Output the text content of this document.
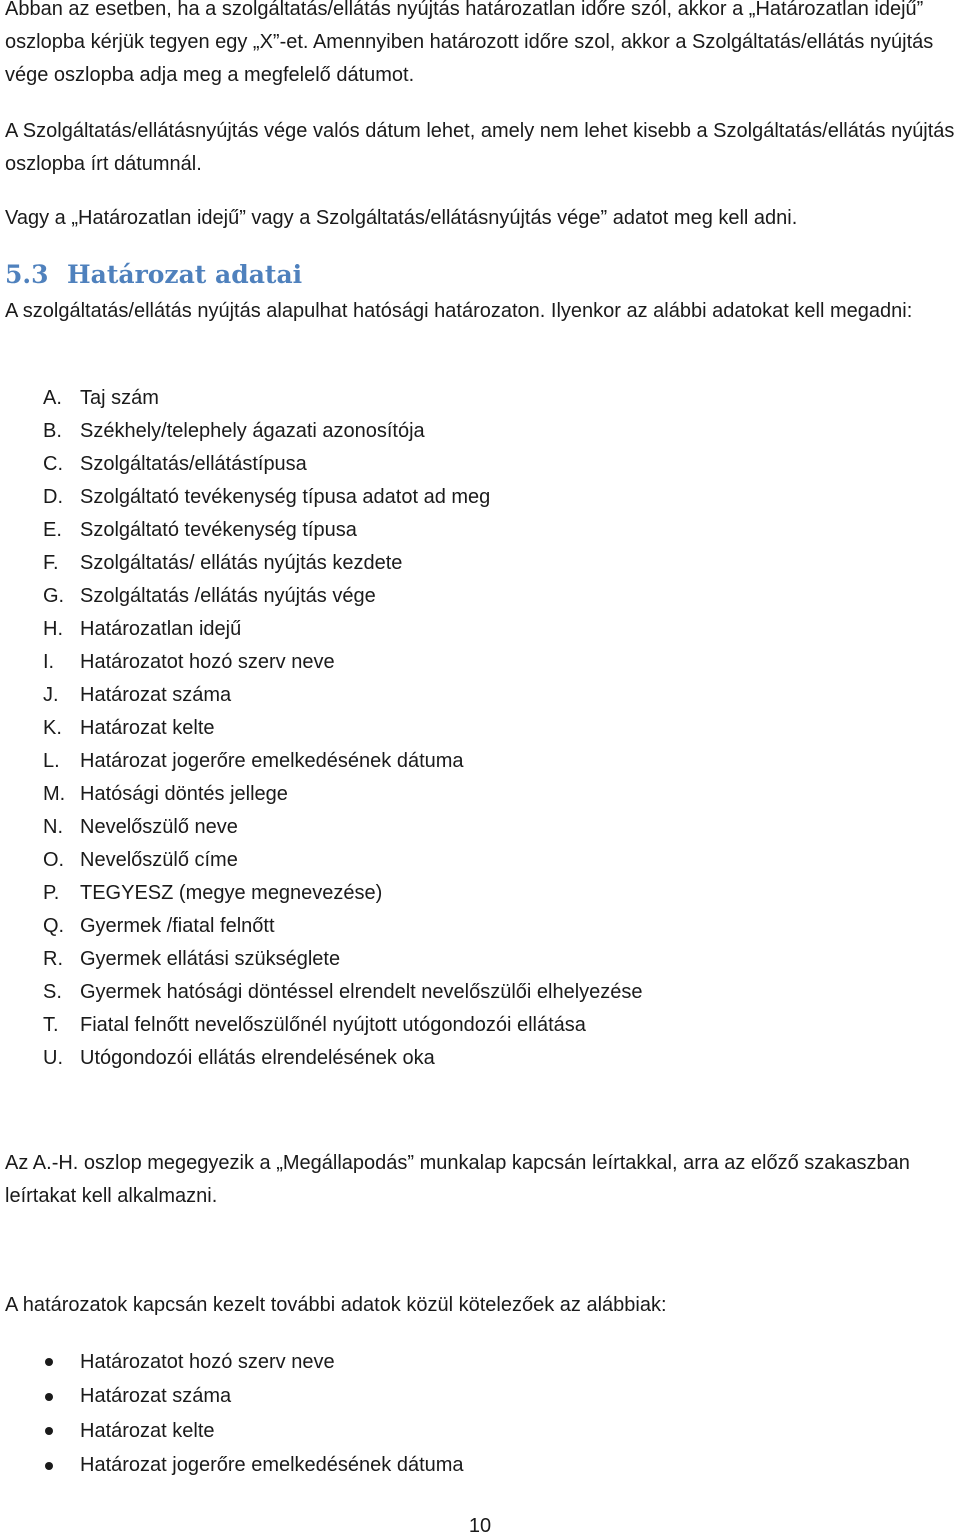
Abban az esetben, ha a szolgáltatás/ellátás nyújtás határozatlan időre szól, akkor a „Határozatlan idejű” oszlopba kérjük tegyen egy „X”-et. Amennyiben határozott időre szol, akkor a Szolgáltatás/ellátás nyújtás vége oszlopba adja meg a megfelelő dátumot.
A Szolgáltatás/ellátásnyújtás vége valós dátum lehet, amely nem lehet kisebb a Szolgáltatás/ellátás nyújtás oszlopba írt dátumnál.
Vagy a „Határozatlan idejű” vagy a Szolgáltatás/ellátásnyújtás vége” adatot meg kell adni.
5.3 Határozat adatai
A szolgáltatás/ellátás nyújtás alapulhat hatósági határozaton. Ilyenkor az alábbi adatokat kell megadni:
A. Taj szám
B. Székhely/telephely ágazati azonosítója
C. Szolgáltatás/ellátástípusa
D. Szolgáltató tevékenység típusa adatot ad meg
E. Szolgáltató tevékenység típusa
F.	Szolgáltatás/ ellátás nyújtás kezdete
G. Szolgáltatás /ellátás nyújtás vége
H. Határozatlan idejű
I.	Határozatot hozó szerv neve
J.	Határozat száma
K. Határozat kelte
L.	Határozat jogerőre emelkedésének dátuma
M. Hatósági döntés jellege
N. Nevelőszülő neve
O. Nevelőszülő címe
P.	TEGYESZ (megye megnevezése)
Q. Gyermek /fiatal felnőtt
R. Gyermek ellátási szükséglete
S. Gyermek hatósági döntéssel elrendelt nevelőszülői elhelyezése
T.	Fiatal felnőtt nevelőszülőnél nyújtott utógondozói ellátása
U. Utógondozói ellátás elrendelésének oka
Az A.-H. oszlop megegyezik a „Megállapodás” munkalap kapcsán leírtakkal, arra az előző szakaszban leírtakat kell alkalmazni.
A határozatok kapcsán kezelt további adatok közül kötelezőek az alábbiak:
Határozatot hozó szerv neve
Határozat száma
Határozat kelte
Határozat jogerőre emelkedésének dátuma
10
